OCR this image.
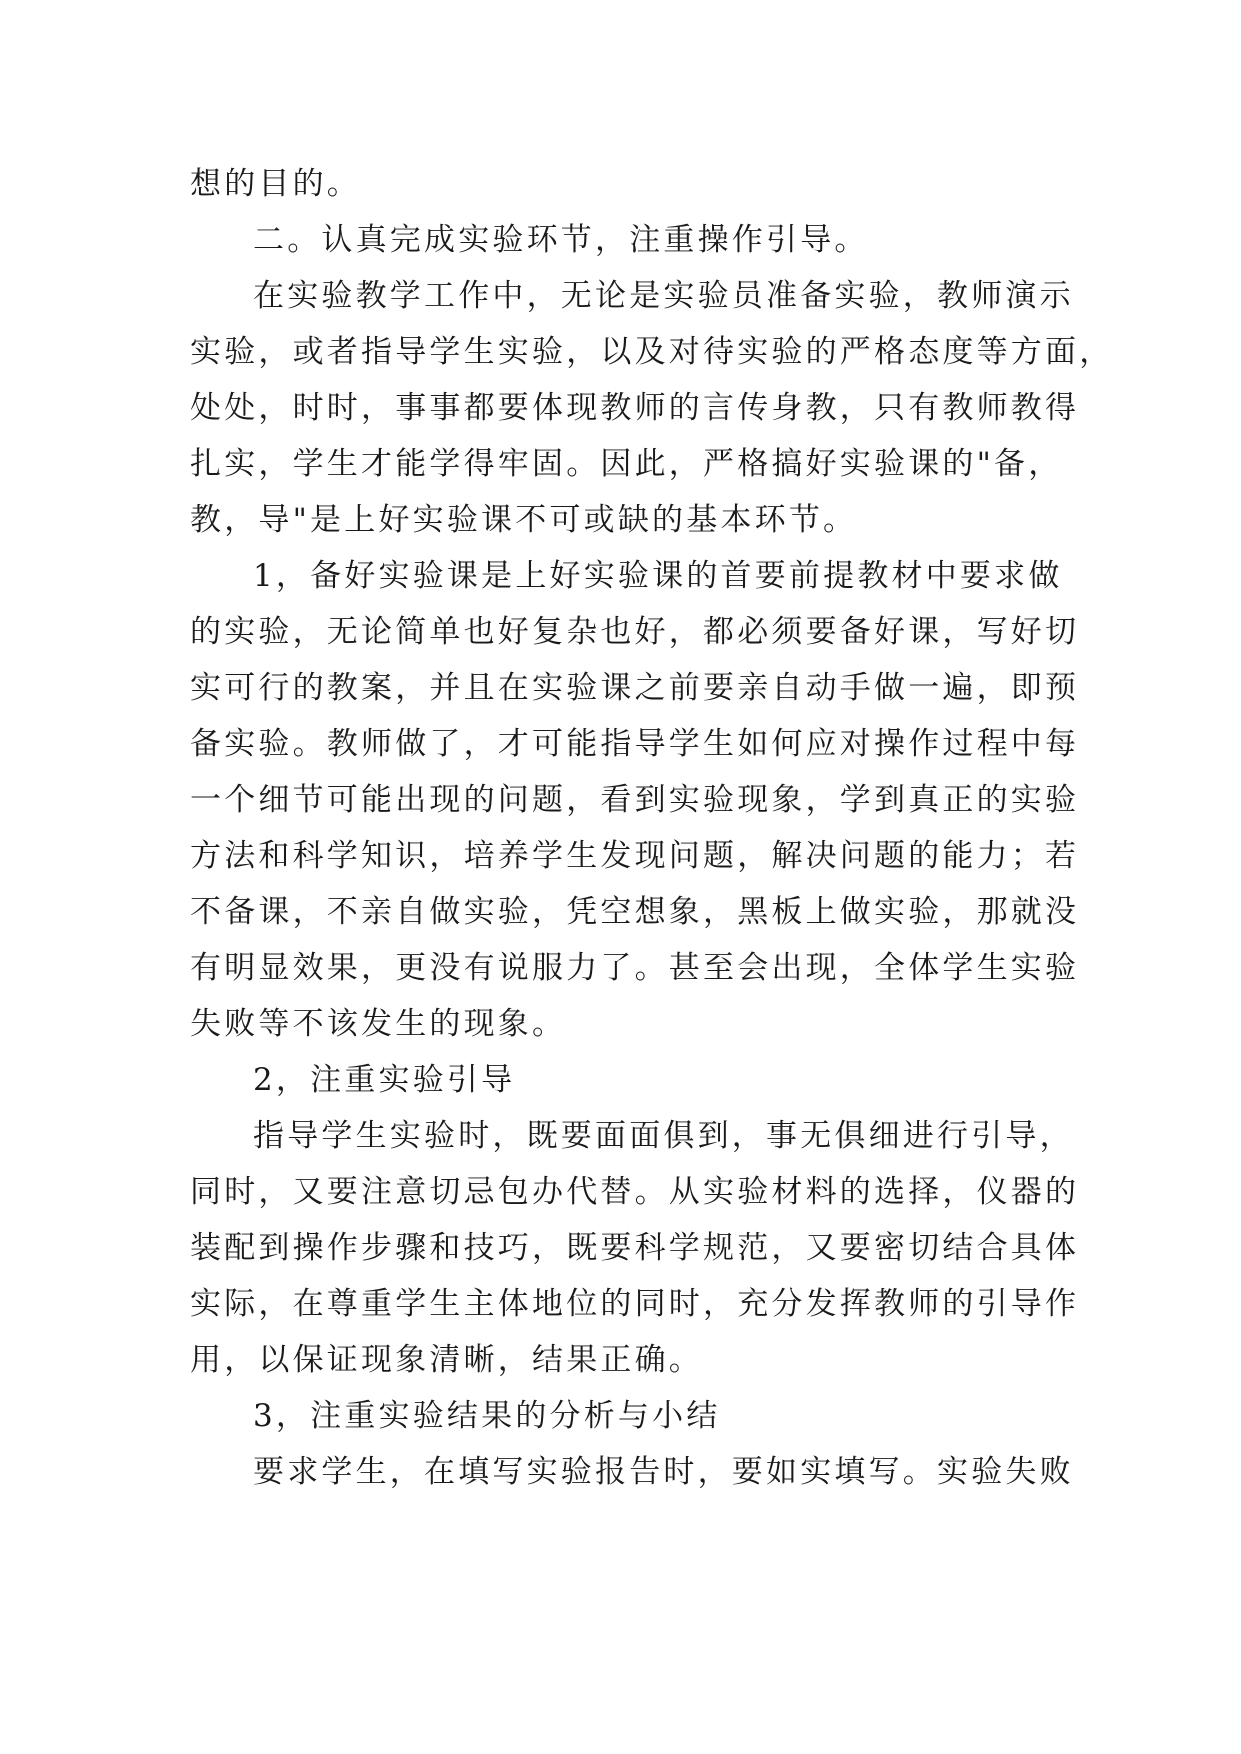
想的目的。
二。认真完成实验环节，注重操作引导。
在实验教学工作中，无论是实验员准备实验，教师演示
实验，或者指导学生实验，以及对待实验的严格态度等方面，
处处，时时，事事都要体现教师的言传身教，只有教师教得
扎实，学生才能学得牢固。因此，严格搞好实验课的"备，
教，导"是上好实验课不可或缺的基本环节。
1，备好实验课是上好实验课的首要前提教材中要求做
的实验，无论简单也好复杂也好，都必须要备好课，写好切
实可行的教案，并且在实验课之前要亲自动手做一遍，即预
备实验。教师做了，才可能指导学生如何应对操作过程中每
一个细节可能出现的问题，看到实验现象，学到真正的实验
方法和科学知识，培养学生发现问题，解决问题的能力；若
不备课，不亲自做实验，凭空想象，黑板上做实验，那就没
有明显效果，更没有说服力了。甚至会出现，全体学生实验
失败等不该发生的现象。
2，注重实验引导
指导学生实验时，既要面面俱到，事无俱细进行引导，
同时，又要注意切忌包办代替。从实验材料的选择，仪器的
装配到操作步骤和技巧，既要科学规范，又要密切结合具体
实际，在尊重学生主体地位的同时，充分发挥教师的引导作
用，以保证现象清晰，结果正确。
3，注重实验结果的分析与小结
要求学生，在填写实验报告时，要如实填写。实验失败
